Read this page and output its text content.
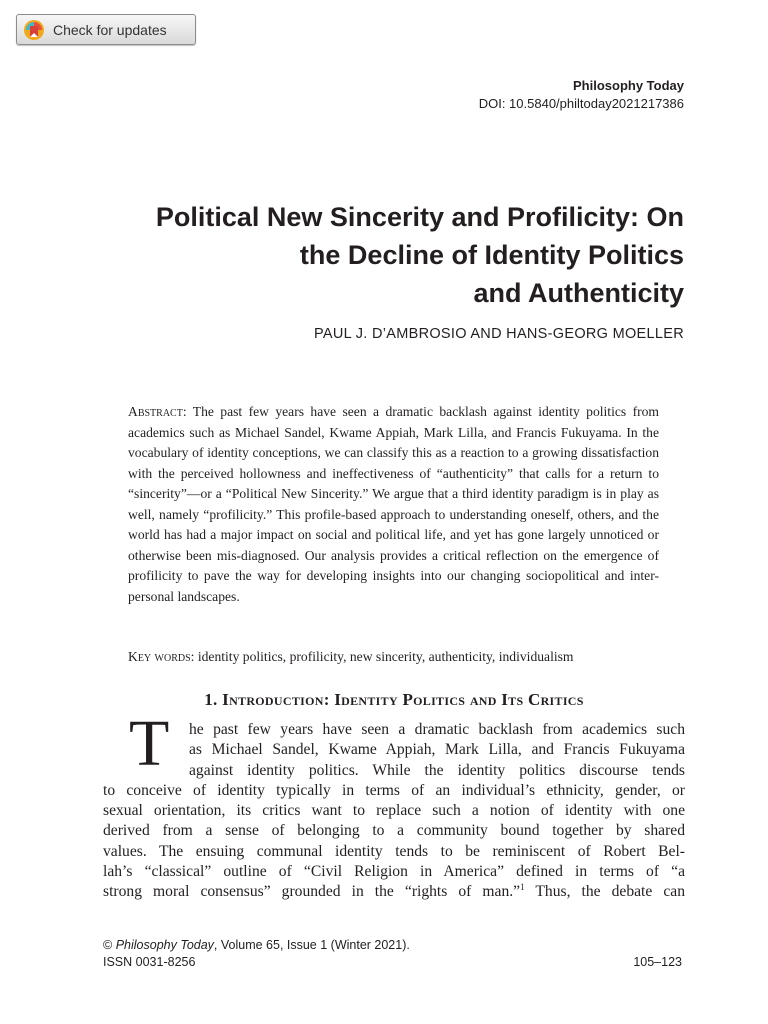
Check for updates
Philosophy Today
DOI: 10.5840/philtoday2021217386
Political New Sincerity and Profilicity: On
the Decline of Identity Politics
and Authenticity
PAUL J. D’AMBROSIO AND HANS-GEORG MOELLER
Abstract: The past few years have seen a dramatic backlash against identity politics from academics such as Michael Sandel, Kwame Appiah, Mark Lilla, and Francis Fukuyama. In the vocabulary of identity conceptions, we can classify this as a reaction to a growing dissatisfaction with the perceived hollowness and ineffectiveness of “authenticity” that calls for a return to “sincerity”—or a “Political New Sincerity.” We argue that a third identity paradigm is in play as well, namely “profilicity.” This profile-based approach to understanding oneself, others, and the world has had a major impact on social and political life, and yet has gone largely unnoticed or otherwise been mis-diagnosed. Our analysis provides a critical reflection on the emergence of profilicity to pave the way for developing insights into our changing sociopolitical and inter-personal landscapes.
Key words: identity politics, profilicity, new sincerity, authenticity, individualism
1. Introduction: Identity Politics and Its Critics
T he past few years have seen a dramatic backlash from academics such
as Michael Sandel, Kwame Appiah, Mark Lilla, and Francis Fukuyama
against identity politics. While the identity politics discourse tends
to conceive of identity typically in terms of an individual’s ethnicity, gender, or
sexual orientation, its critics want to replace such a notion of identity with one
derived from a sense of belonging to a community bound together by shared
values. The ensuing communal identity tends to be reminiscent of Robert Bel-
lah’s “classical” outline of “Civil Religion in America” defined in terms of “a
strong moral consensus” grounded in the “rights of man.”$^1$ Thus, the debate can
© Philosophy Today, Volume 65, Issue 1 (Winter 2021).
ISSN 0031-8256	105–123
